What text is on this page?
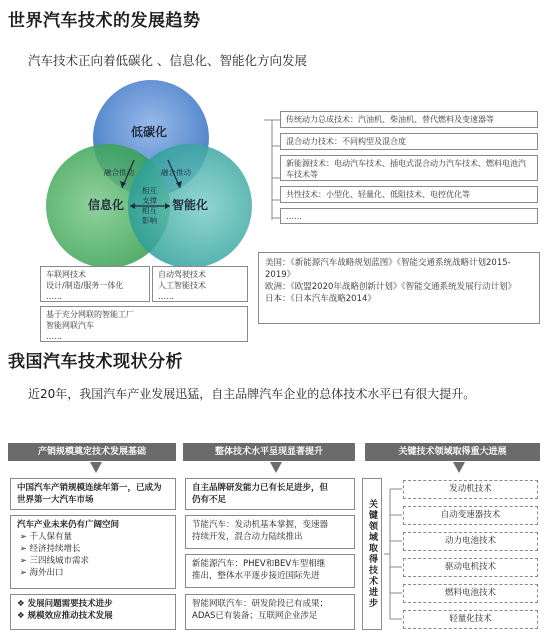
世界汽车技术的发展趋势
汽车技术正向着低碳化 、信息化、智能化方向发展
低碳化
信息化	智能化
融合推动	融合推动
相互
支撑
相互
影响
传统动力总成技术：汽油机、柴油机、替代燃料及变速器等
混合动力技术：不同构型及混合度
新能源技术：电动汽车技术、插电式混合动力汽车技术、燃料电池汽车技术等
共性技术：小型化、轻量化、低阻技术、电控优化等
……
美国：《新能源汽车战略规划蓝图》《智能交通系统战略计划2015-2019》
欧洲：《欧盟2020年战略创新计划》《智能交通系统发展行动计划》
日本：《日本汽车战略2014》
车联网技术
设计/制造/服务一体化
……
自动驾驶技术
人工智能技术
……
基于充分网联的智能工厂
智能网联汽车
……
我国汽车技术现状分析
近20年，我国汽车产业发展迅猛，自主品牌汽车企业的总体技术水平已有很大提升。
产销规模奠定技术发展基础	整体技术水平呈现显著提升	关键技术领域取得重大进展
中国汽车产销规模连续年第一，已成为
世界第一大汽车市场
汽车产业未来仍有广阔空间
➢ 千人保有量
➢ 经济持续增长
➢ 三四线城市需求
➢ 海外出口
❖ 发展问题需要技术进步
❖ 规模效应推动技术发展
自主品牌研发能力已有长足进步，但
仍有不足
节能汽车：发动机基本掌握，变速器
持续开发，混合动力陆续推出
新能源汽车：PHEV和BEV车型相继
推出，整体水平逐步接近国际先进
智能网联汽车：研发阶段已有成果；
ADAS已有装备；互联网企业涉足
关键领域取得技术进步
发动机技术
自动变速器技术
动力电池技术
驱动电机技术
燃料电池技术
轻量化技术
